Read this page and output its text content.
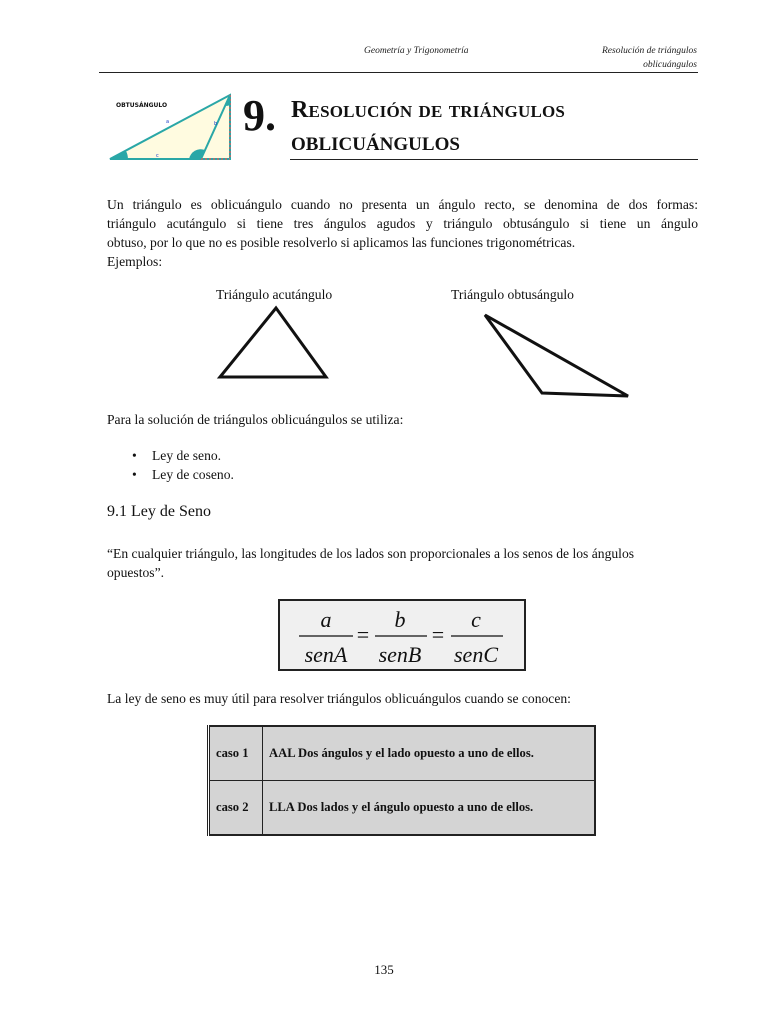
Geometría y Trigonometría	Resolución de triángulos
oblicuángulos
OBTUSÁNGULO
a	b
c
9. Resolución de triángulos
OBLICUÁNGULOS
Un triángulo es oblicuángulo cuando no presenta un ángulo recto, se denomina de dos formas:
triángulo acutángulo si tiene tres ángulos agudos y triángulo obtusángulo si tiene un ángulo
obtuso, por lo que no es posible resolverlo si aplicamos las funciones trigonométricas.
Ejemplos:
Triángulo acutángulo	Triángulo obtusángulo
Para la solución de triángulos oblicuángulos se utiliza:
• Ley de seno.
• Ley de coseno.
9.1 Ley de Seno
“En cualquier triángulo, las longitudes de los lados son proporcionales a los senos de los ángulos
opuestos”.
a	b	c
senA senB senC
=	=
La ley de seno es muy útil para resolver triángulos oblicuángulos cuando se conocen:
caso 1	AAL Dos ángulos y el lado opuesto a uno de ellos.
caso 2	LLA Dos lados y el ángulo opuesto a uno de ellos.
135
